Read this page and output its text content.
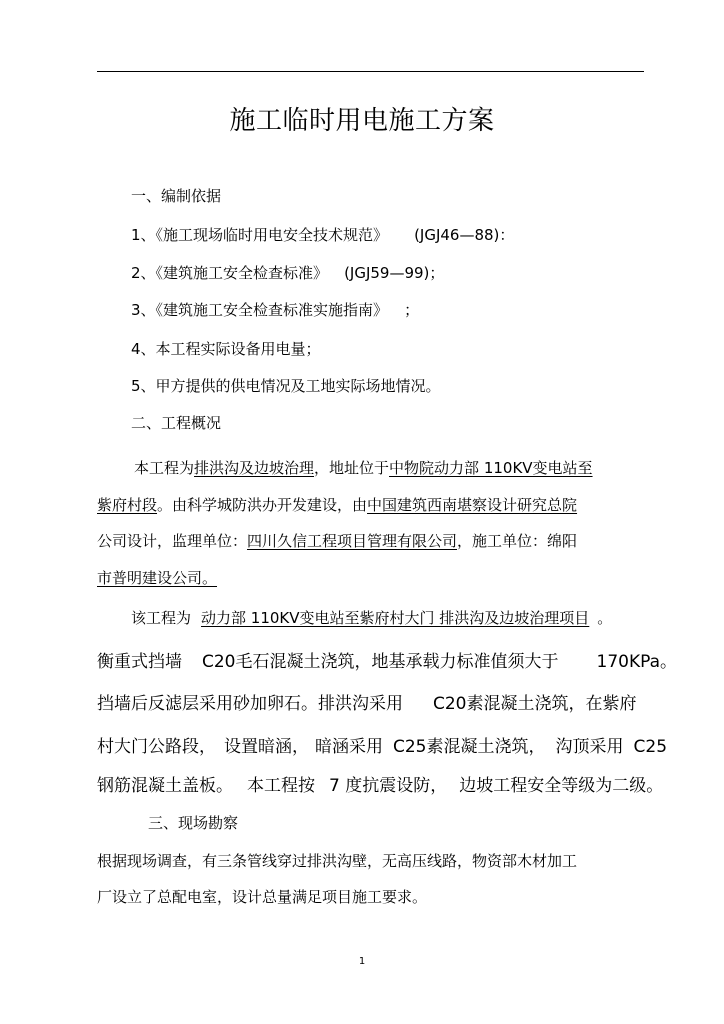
施工临时用电施工方案
一、编制依据
1、《施工现场临时用电安全技术规范》 (JGJ46—88)：
2、《建筑施工安全检查标准》 (JGJ59—99)；
3、《建筑施工安全检查标准实施指南》 ；
4、本工程实际设备用电量；
5、甲方提供的供电情况及工地实际场地情况。
二、工程概况
本工程为排洪沟及边坡治理，地址位于中物院动力部 110KV变电站至
紫府村段。由科学城防洪办开发建设，由中国建筑西南堪察设计研究总院
公司设计，监理单位：四川久信工程项目管理有限公司，施工单位：绵阳
市普明建设公司。
该工程为 动力部 110KV变电站至紫府村大门 排洪沟及边坡治理项目 。
衡重式挡墙 C20毛石混凝土浇筑，地基承载力标准值须大于 170KPa。
挡墙后反滤层采用砂加卵石。排洪沟采用 C20素混凝土浇筑，在紫府
村大门公路段， 设置暗涵， 暗涵采用 C25素混凝土浇筑， 沟顶采用 C25
钢筋混凝土盖板。 本工程按 7 度抗震设防， 边坡工程安全等级为二级。
三、现场勘察
根据现场调查，有三条管线穿过排洪沟壁，无高压线路，物资部木材加工
厂设立了总配电室，设计总量满足项目施工要求。
1
